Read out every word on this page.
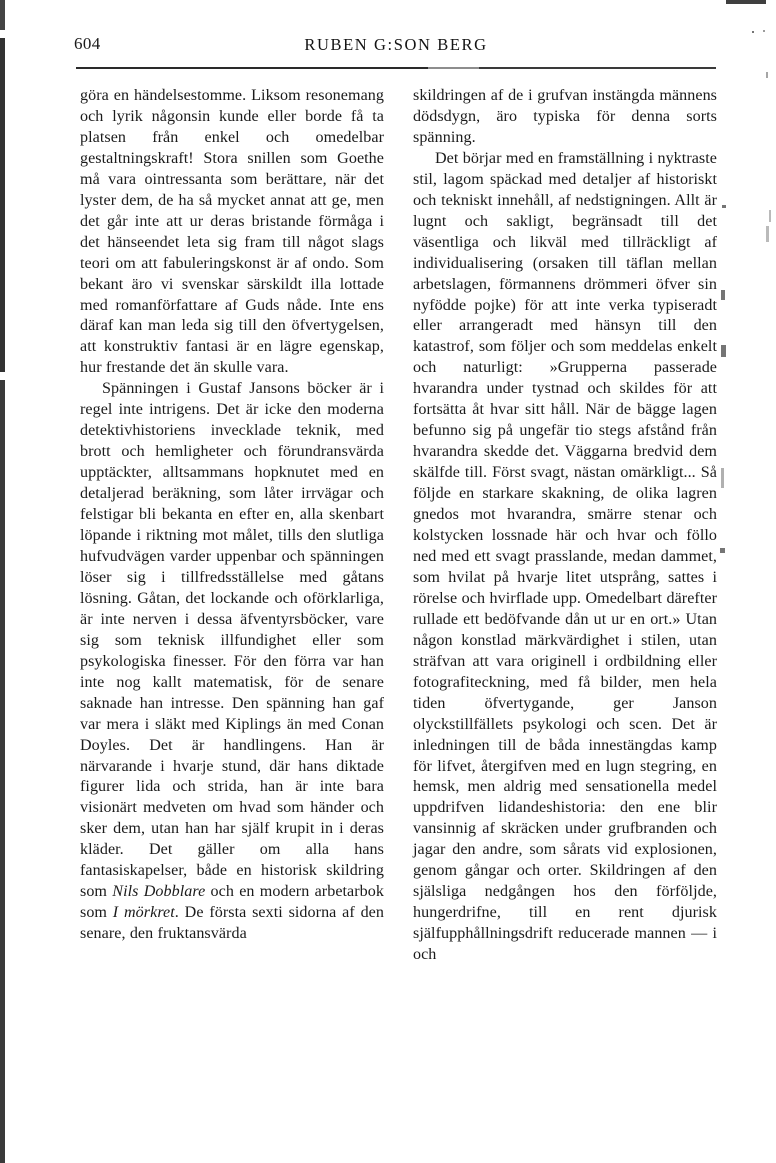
604	RUBEN G:SON BERG

göra en händelsestomme. Liksom resonemang och lyrik någonsin kunde eller borde få ta platsen från enkel och omedelbar gestaltningskraft! Stora snillen som Goethe må vara ointressanta som berättare, när det lyster dem, de ha så mycket annat att ge, men det går inte att ur deras bristande förmåga i det hänseendet leta sig fram till något slags teori om att fabuleringskonst är af ondo. Som bekant äro vi svenskar särskildt illa lottade med romanförfattare af Guds nåde. Inte ens däraf kan man leda sig till den öfvertygelsen, att konstruktiv fantasi är en lägre egenskap, hur frestande det än skulle vara.

Spänningen i Gustaf Jansons böcker är i regel inte intrigens. Det är icke den moderna detektivhistoriens invecklade teknik, med brott och hemligheter och förundransvärda upptäckter, alltsammans hopknutet med en detaljerad beräkning, som låter irrvägar och felstigar bli bekanta en efter en, alla skenbart löpande i riktning mot målet, tills den slutliga hufvudvägen varder uppenbar och spänningen löser sig i tillfredsställelse med gåtans lösning. Gåtan, det lockande och oförklarliga, är inte nerven i dessa äfventyrsböcker, vare sig som teknisk illfundighet eller som psykologiska finesser. För den förra var han inte nog kallt matematisk, för de senare saknade han intresse. Den spänning han gaf var mera i släkt med Kiplings än med Conan Doyles. Det är handlingens. Han är närvarande i hvarje stund, där hans diktade figurer lida och strida, han är inte bara visionärt medveten om hvad som händer och sker dem, utan han har själf krupit in i deras kläder. Det gäller om alla hans fantasiskapelser, både en historisk skildring som Nils Dobblare och en modern arbetarbok som I mörkret. De första sexti sidorna af den senare, den fruktansvärda

skildringen af de i grufvan instängda männens dödsdygn, äro typiska för denna sorts spänning.

Det börjar med en framställning i nyktraste stil, lagom späckad med detaljer af historiskt och tekniskt innehåll, af nedstigningen. Allt är lugnt och sakligt, begränsadt till det väsentliga och likväl med tillräckligt af individualisering (orsaken till täflan mellan arbetslagen, förmannens drömmeri öfver sin nyfödde pojke) för att inte verka typiseradt eller arrangeradt med hänsyn till den katastrof, som följer och som meddelas enkelt och naturligt: »Grupperna passerade hvarandra under tystnad och skildes för att fortsätta åt hvar sitt håll. När de bägge lagen befunno sig på ungefär tio stegs afstånd från hvarandra skedde det. Väggarna bredvid dem skälfde till. Först svagt, nästan omärkligt... Så följde en starkare skakning, de olika lagren gnedos mot hvarandra, smärre stenar och kolstycken lossnade här och hvar och föllo ned med ett svagt prasslande, medan dammet, som hvilat på hvarje litet utsprång, sattes i rörelse och hvirflade upp. Omedelbart därefter rullade ett bedöfvande dån ut ur en ort.» Utan någon konstlad märkvärdighet i stilen, utan sträfvan att vara originell i ordbildning eller fotografiteckning, med få bilder, men hela tiden öfvertygande, ger Janson olyckstillfällets psykologi och scen. Det är inledningen till de båda innestängdas kamp för lifvet, återgifven med en lugn stegring, en hemsk, men aldrig med sensationella medel uppdrifven lidandeshistoria: den ene blir vansinnig af skräcken under grufbranden och jagar den andre, som sårats vid explosionen, genom gångar och orter. Skildringen af den själsliga nedgången hos den förföljde, hungerdrifne, till en rent djurisk själfupphållningsdrift reducerade mannen — i och
